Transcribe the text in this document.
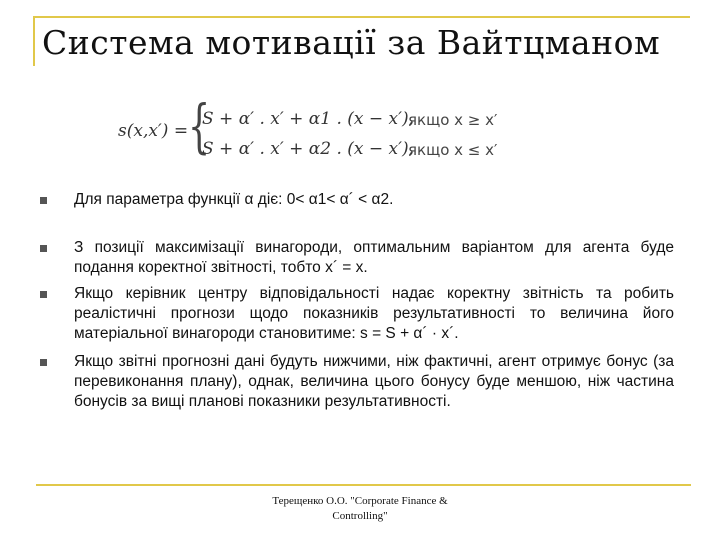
Система мотивації за Вайтцманом
s(x,x′) = {
S + α′ . x′ + α1 . (x − x′),
S + α′ . x′ + α2 . (x − x′),
якщо x ≥ x′
якщо x ≤ x′
Для параметра функції α діє: 0< α1< α´ < α2.
З позиції максимізації винагороди, оптимальним варіантом для агента буде подання коректної звітності, тобто x´ = x.
Якщо керівник центру відповідальності надає коректну звітність та робить реалістичні прогнози щодо показників результативності то величина його матеріальної винагороди становитиме: s = S + α´ · x´.
Якщо звітні прогнозні дані будуть нижчими, ніж фактичні, агент отримує бонус (за перевиконання плану), однак, величина цього бонусу буде меншою, ніж частина бонусів за вищі планові показники результативності.
Терещенко О.О. "Corporate Finance &
Controlling"
